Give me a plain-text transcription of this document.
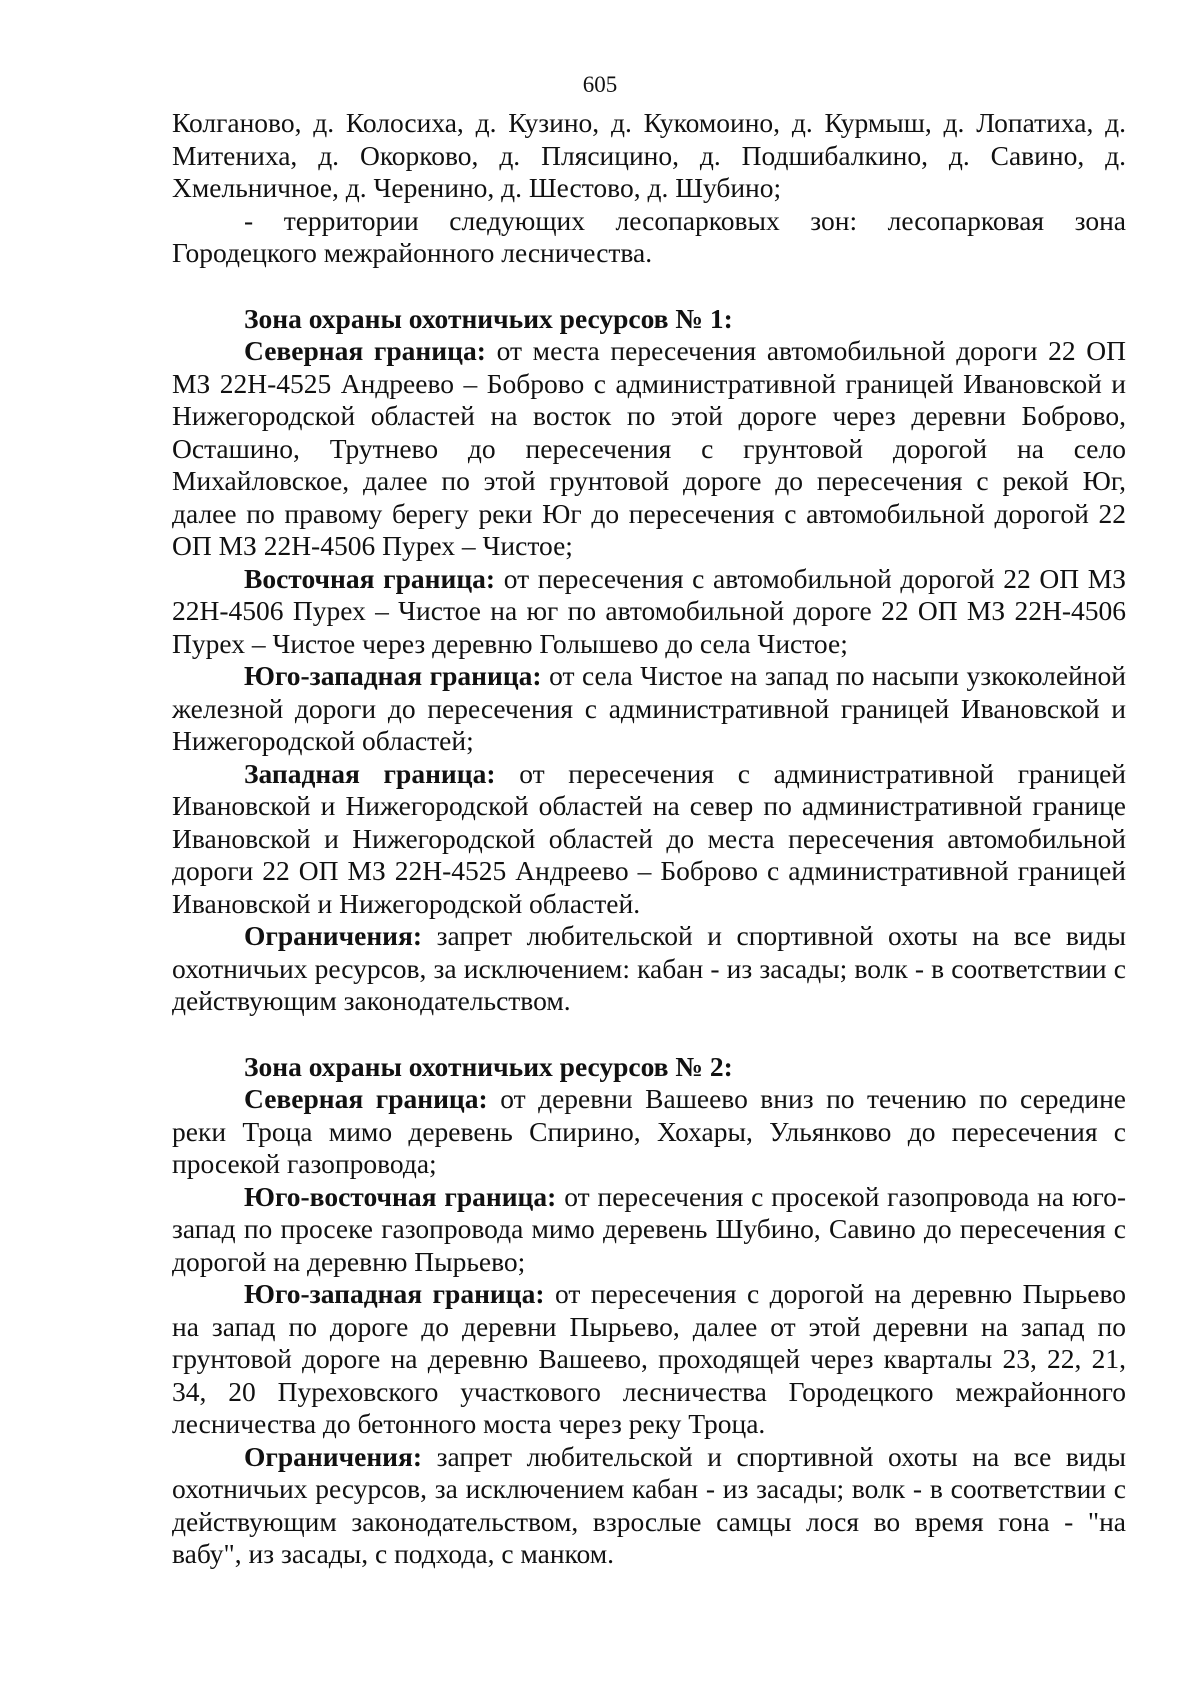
605

Колганово, д. Колосиха, д. Кузино, д. Кукомоино, д. Курмыш, д. Лопатиха, д. Митениха, д. Окорково, д. Плясицино, д. Подшибалкино, д. Савино, д. Хмельничное, д. Черенино, д. Шестово, д. Шубино;

- территории следующих лесопарковых зон: лесопарковая зона Городецкого межрайонного лесничества.

Зона охраны охотничьих ресурсов № 1:

Северная граница: от места пересечения автомобильной дороги 22 ОП МЗ 22Н-4525 Андреево – Боброво с административной границей Ивановской и Нижегородской областей на восток по этой дороге через деревни Боброво, Осташино, Трутнево до пересечения с грунтовой дорогой на село Михайловское, далее по этой грунтовой дороге до пересечения с рекой Юг, далее по правому берегу реки Юг до пересечения с автомобильной дорогой 22 ОП МЗ 22Н-4506 Пурех – Чистое;

Восточная граница: от пересечения с автомобильной дорогой 22 ОП МЗ 22Н-4506 Пурех – Чистое на юг по автомобильной дороге 22 ОП МЗ 22Н-4506 Пурех – Чистое через деревню Голышево до села Чистое;

Юго-западная граница: от села Чистое на запад по насыпи узкоколейной железной дороги до пересечения с административной границей Ивановской и Нижегородской областей;

Западная граница: от пересечения с административной границей Ивановской и Нижегородской областей на север по административной границе Ивановской и Нижегородской областей до места пересечения автомобильной дороги 22 ОП МЗ 22Н-4525 Андреево – Боброво с административной границей Ивановской и Нижегородской областей.

Ограничения: запрет любительской и спортивной охоты на все виды охотничьих ресурсов, за исключением: кабан - из засады; волк - в соответствии с действующим законодательством.

Зона охраны охотничьих ресурсов № 2:

Северная граница: от деревни Вашеево вниз по течению по середине реки Троца мимо деревень Спирино, Хохары, Ульянково до пересечения с просекой газопровода;

Юго-восточная граница: от пересечения с просекой газопровода на юго-запад по просеке газопровода мимо деревень Шубино, Савино до пересечения с дорогой на деревню Пырьево;

Юго-западная граница: от пересечения с дорогой на деревню Пырьево на запад по дороге до деревни Пырьево, далее от этой деревни на запад по грунтовой дороге на деревню Вашеево, проходящей через кварталы 23, 22, 21, 34, 20 Пуреховского участкового лесничества Городецкого межрайонного лесничества до бетонного моста через реку Троца.

Ограничения: запрет любительской и спортивной охоты на все виды охотничьих ресурсов, за исключением кабан - из засады; волк - в соответствии с действующим законодательством, взрослые самцы лося во время гона - "на вабу", из засады, с подхода, с манком.
